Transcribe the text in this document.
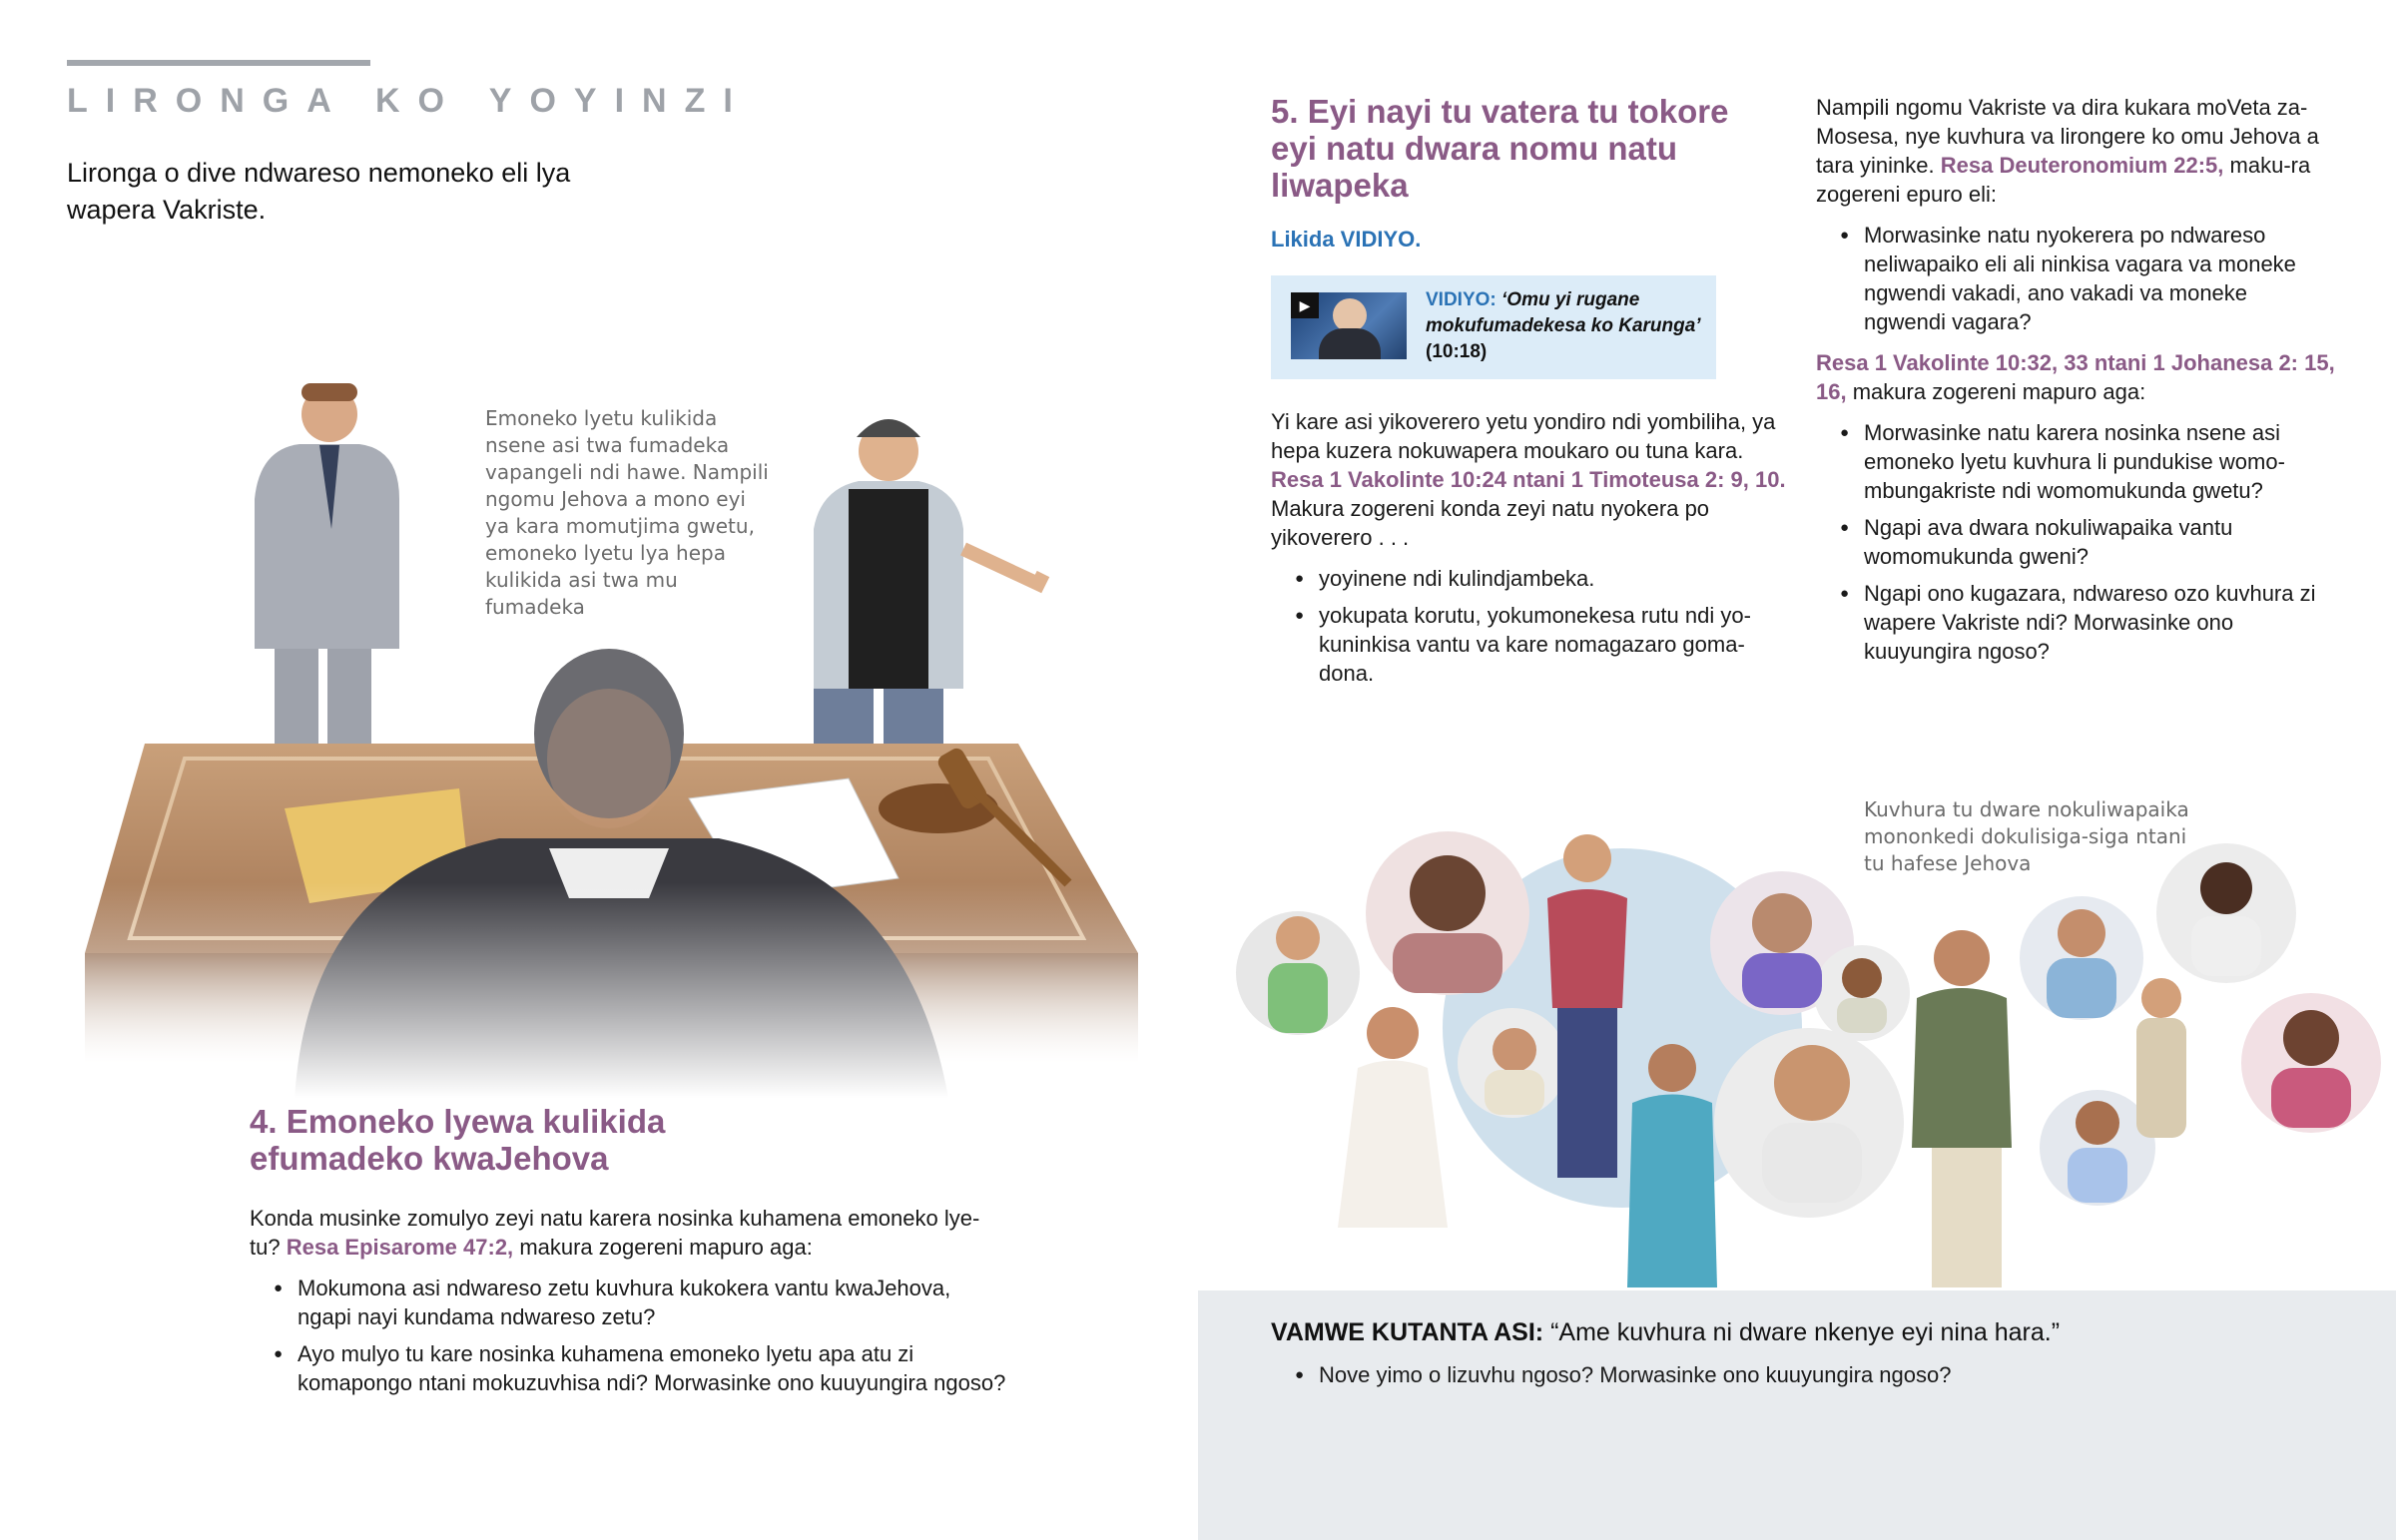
LIRONGA KO YOYINZI
Lironga o dive ndwareso nemoneko eli lya wapera Vakriste.
Emoneko lyetu kulikida nsene asi twa fumadeka vapangeli ndi hawe. Nampili ngomu Jehova a mono eyi ya kara momutjima gwetu, emoneko lyetu lya hepa kulikida asi twa mu fumadeka
4. Emoneko lyewa kulikida efumadeko kwaJehova

Konda musinke zomulyo zeyi natu karera nosinka kuhamena emoneko lye-tu? Resa Episarome 47:2, makura zogereni mapuro aga:

● Mokumona asi ndwareso zetu kuvhura kukokera vantu kwaJehova, ngapi nayi kundama ndwareso zetu?
● Ayo mulyo tu kare nosinka kuhamena emoneko lyetu apa atu zi komapongo ntani mokuzuvhisa ndi? Morwasinke ono kuuyungira ngoso?
5. Eyi nayi tu vatera tu tokore eyi natu dwara nomu natu liwapeka
Likida VIDIYO.
▶	VIDIYO: ‘Omu yi rugane mokufumadekesa ko Karunga’
(10:18)

Yi kare asi yikoverero yetu yondiro ndi yombiliha, ya hepa kuzera nokuwapera moukaro ou tuna kara. Resa 1 Vakolinte 10:24 ntani 1 Timoteusa 2: 9, 10. Makura zogereni konda zeyi natu nyokera po yikoverero . . .

● yoyinene ndi kulindjambeka.
● yokupata korutu, yokumonekesa rutu ndi yo-kuninkisa vantu va kare nomagazaro goma-dona.

Nampili ngomu Vakriste va dira kukara moVeta za-Mosesa, nye kuvhura va lirongere ko omu Jehova a tara yininke. Resa Deuteronomium 22:5, maku-ra zogereni epuro eli:

● Morwasinke natu nyokerera po ndwareso neliwapaiko eli ali ninkisa vagara va moneke ngwendi vakadi, ano vakadi va moneke ngwendi vagara?

Resa 1 Vakolinte 10:32, 33 ntani 1 Johanesa 2: 15, 16, makura zogereni mapuro aga:

● Morwasinke natu karera nosinka nsene asi emoneko lyetu kuvhura li pundukise womo-mbungakriste ndi womomukunda gwetu?
● Ngapi ava dwara nokuliwapaika vantu womomukunda gweni?
● Ngapi ono kugazara, ndwareso ozo kuvhura zi wapere Vakriste ndi? Morwasinke ono kuuyungira ngoso?
Kuvhura tu dware nokuliwapaika mononkedi dokulisiga-siga ntani tu hafese Jehova
VAMWE KUTANTA ASI: “Ame kuvhura ni dware nkenye eyi nina hara.”
● Nove yimo o lizuvhu ngoso? Morwasinke ono kuuyungira ngoso?
